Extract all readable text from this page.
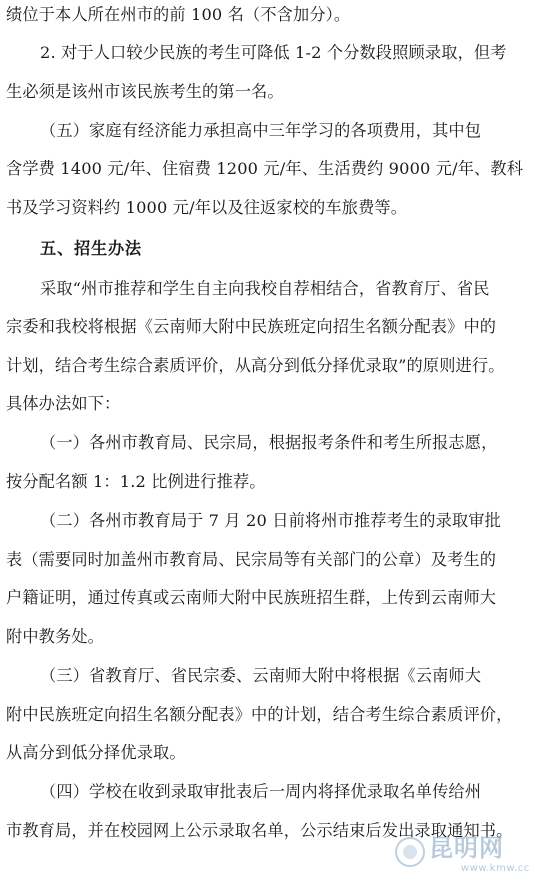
绩位于本人所在州市的前 100 名（不含加分）。
2. 对于人口较少民族的考生可降低 1-2 个分数段照顾录取，但考
生必须是该州市该民族考生的第一名。
（五）家庭有经济能力承担高中三年学习的各项费用，其中包
含学费 1400 元/年、住宿费 1200 元/年、生活费约 9000 元/年、教科
书及学习资料约 1000 元/年以及往返家校的车旅费等。
五、招生办法
采取“州市推荐和学生自主向我校自荐相结合，省教育厅、省民
宗委和我校将根据《云南师大附中民族班定向招生名额分配表》中的
计划，结合考生综合素质评价，从高分到低分择优录取”的原则进行。
具体办法如下：
（一）各州市教育局、民宗局，根据报考条件和考生所报志愿，
按分配名额 1：1.2 比例进行推荐。
（二）各州市教育局于 7 月 20 日前将州市推荐考生的录取审批
表（需要同时加盖州市教育局、民宗局等有关部门的公章）及考生的
户籍证明，通过传真或云南师大附中民族班招生群，上传到云南师大
附中教务处。
（三）省教育厅、省民宗委、云南师大附中将根据《云南师大
附中民族班定向招生名额分配表》中的计划，结合考生综合素质评价，
从高分到低分择优录取。
（四）学校在收到录取审批表后一周内将择优录取名单传给州
市教育局，并在校园网上公示录取名单，公示结束后发出录取通知书。
昆明网
www.kmw.cc
